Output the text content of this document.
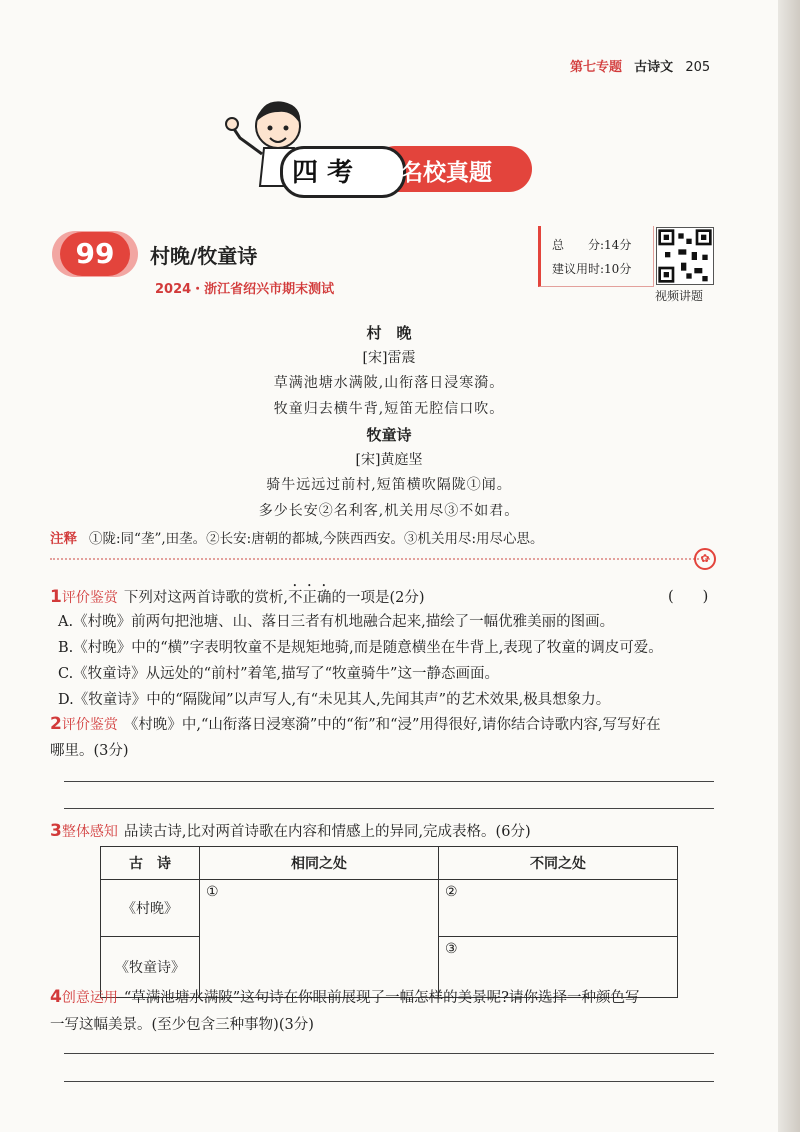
第七专题 古诗文 205
四 考 名校真题
99	村晚/牧童诗
2024・浙江省绍兴市期末测试
总　　分:14分
建议用时:10分
视频讲题
村　晚
[宋]雷震
草满池塘水满陂,山衔落日浸寒漪。
牧童归去横牛背,短笛无腔信口吹。
牧童诗
[宋]黄庭坚
骑牛远远过前村,短笛横吹隔陇①闻。
多少长安②名利客,机关用尽③不如君。
注释 ①陇:同“垄”,田垄。②长安:唐朝的都城,今陕西西安。③机关用尽:用尽心思。
✿
1评价鉴赏 下列对这两首诗歌的赏析,不正确的一项是(2分)	(　　)
A.《村晚》前两句把池塘、山、落日三者有机地融合起来,描绘了一幅优雅美丽的图画。
B.《村晚》中的“横”字表明牧童不是规矩地骑,而是随意横坐在牛背上,表现了牧童的调皮可爱。
C.《牧童诗》从远处的“前村”着笔,描写了“牧童骑牛”这一静态画面。
D.《牧童诗》中的“隔陇闻”以声写人,有“未见其人,先闻其声”的艺术效果,极具想象力。
2评价鉴赏 《村晚》中,“山衔落日浸寒漪”中的“衔”和“浸”用得很好,请你结合诗歌内容,写写好在
哪里。(3分)
3整体感知 品读古诗,比对两首诗歌在内容和情感上的异同,完成表格。(6分)
古　诗	相同之处	不同之处
《村晚》	①	②
《牧童诗》		③
4创意运用 “草满池塘水满陂”这句诗在你眼前展现了一幅怎样的美景呢?请你选择一种颜色写
一写这幅美景。(至少包含三种事物)(3分)
